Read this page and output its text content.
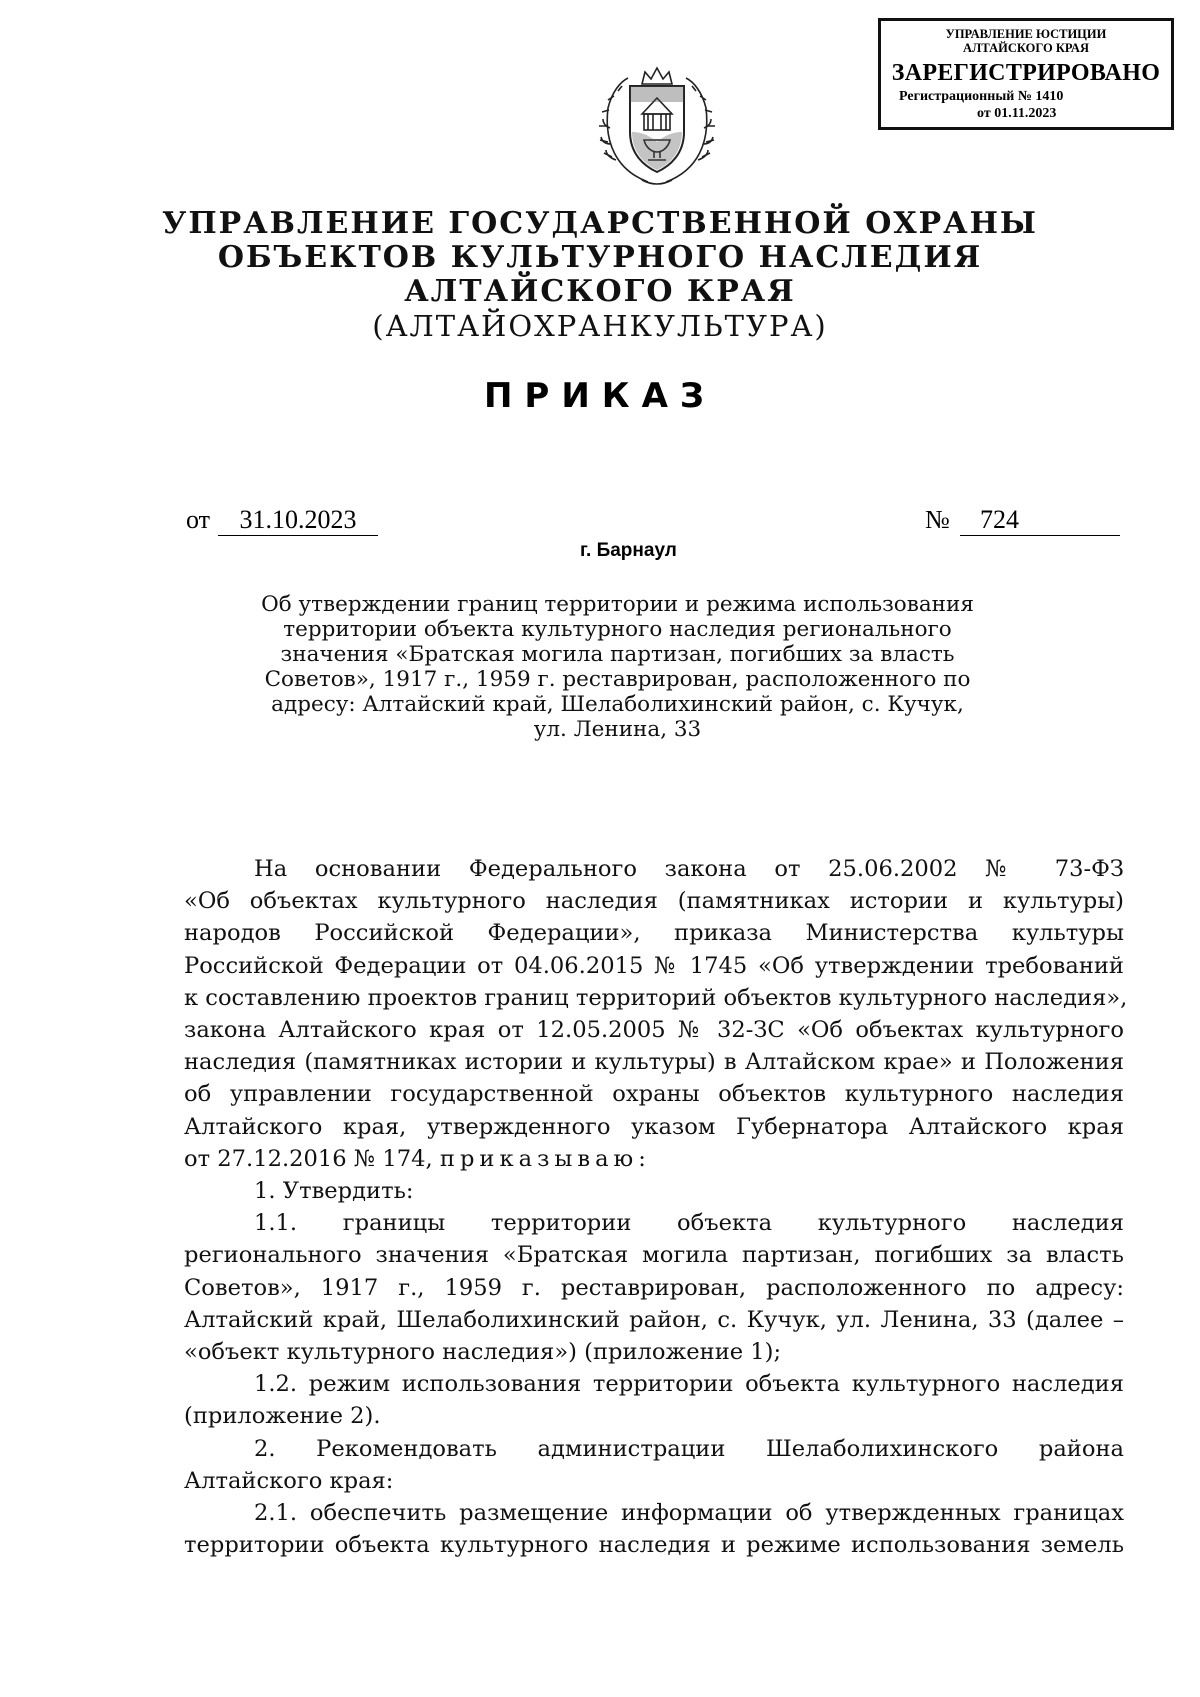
УПРАВЛЕНИЕ ЮСТИЦИИ
АЛТАЙСКОГО КРАЯ
ЗАРЕГИСТРИРОВАНО
Регистрационный № 1410
от 01.11.2023
УПРАВЛЕНИЕ ГОСУДАРСТВЕННОЙ ОХРАНЫ
ОБЪЕКТОВ КУЛЬТУРНОГО НАСЛЕДИЯ
АЛТАЙСКОГО КРАЯ
(АЛТАЙОХРАНКУЛЬТУРА)
ПРИКАЗ
от	31.10.2023	№	724
г. Барнаул
Об утверждении границ территории и режима использования
территории объекта культурного наследия регионального
значения «Братская могила партизан, погибших за власть
Советов», 1917 г., 1959 г. реставрирован, расположенного по
адресу: Алтайский край, Шелаболихинский район, с. Кучук,
ул. Ленина, 33
На основании Федерального закона от 25.06.2002 № 73-ФЗ
«Об объектах культурного наследия (памятниках истории и культуры)
народов Российской Федерации», приказа Министерства культуры
Российской Федерации от 04.06.2015 № 1745 «Об утверждении требований
к составлению проектов границ территорий объектов культурного наследия»,
закона Алтайского края от 12.05.2005 № 32-ЗС «Об объектах культурного
наследия (памятниках истории и культуры) в Алтайском крае» и Положения
об управлении государственной охраны объектов культурного наследия
Алтайского края, утвержденного указом Губернатора Алтайского края
от 27.12.2016 № 174, приказываю:
1. Утвердить:
1.1. границы территории объекта культурного наследия
регионального значения «Братская могила партизан, погибших за власть
Советов», 1917 г., 1959 г. реставрирован, расположенного по адресу:
Алтайский край, Шелаболихинский район, с. Кучук, ул. Ленина, 33 (далее –
«объект культурного наследия») (приложение 1);
1.2. режим использования территории объекта культурного наследия
(приложение 2).
2. Рекомендовать администрации Шелаболихинского района
Алтайского края:
2.1. обеспечить размещение информации об утвержденных границах
территории объекта культурного наследия и режиме использования земель
